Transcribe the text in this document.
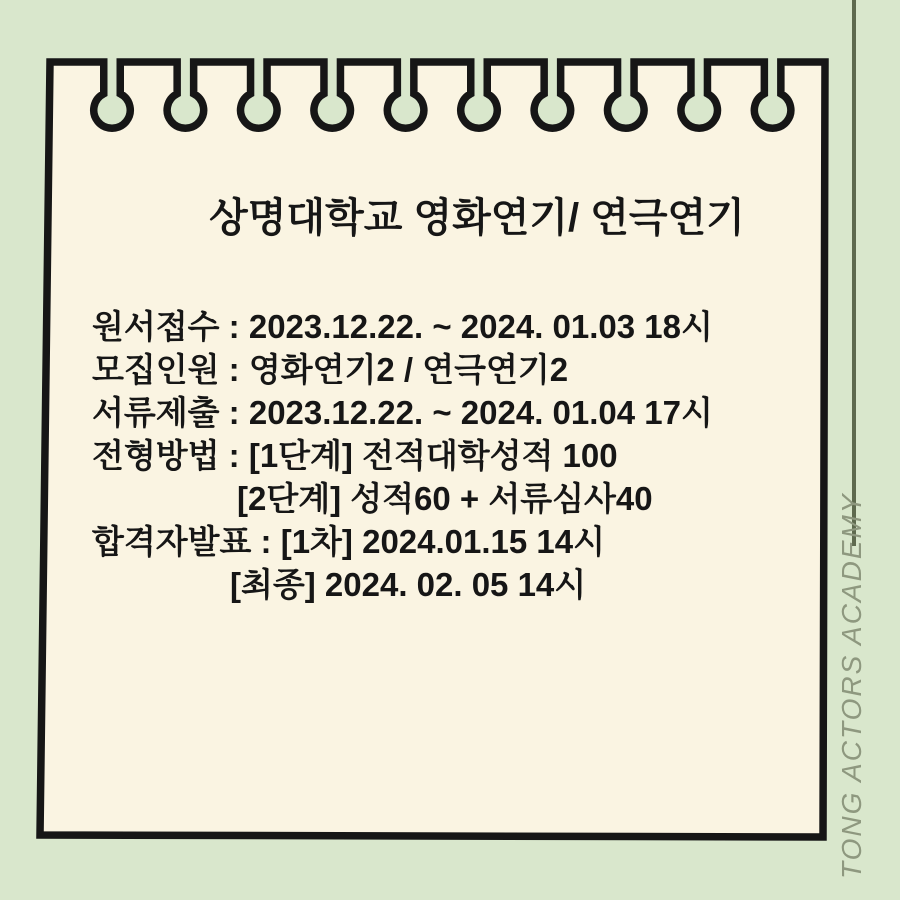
상명대학교 영화연기/ 연극연기
원서접수 : 2023.12.22. ~ 2024. 01.03 18시
모집인원 : 영화연기2 / 연극연기2
서류제출 : 2023.12.22. ~ 2024. 01.04 17시
전형방법 : [1단계] 전적대학성적 100
[2단계] 성적60 + 서류심사40
합격자발표 : [1차] 2024.01.15 14시
[최종] 2024. 02. 05 14시	TONG ACTORS ACADEMY
